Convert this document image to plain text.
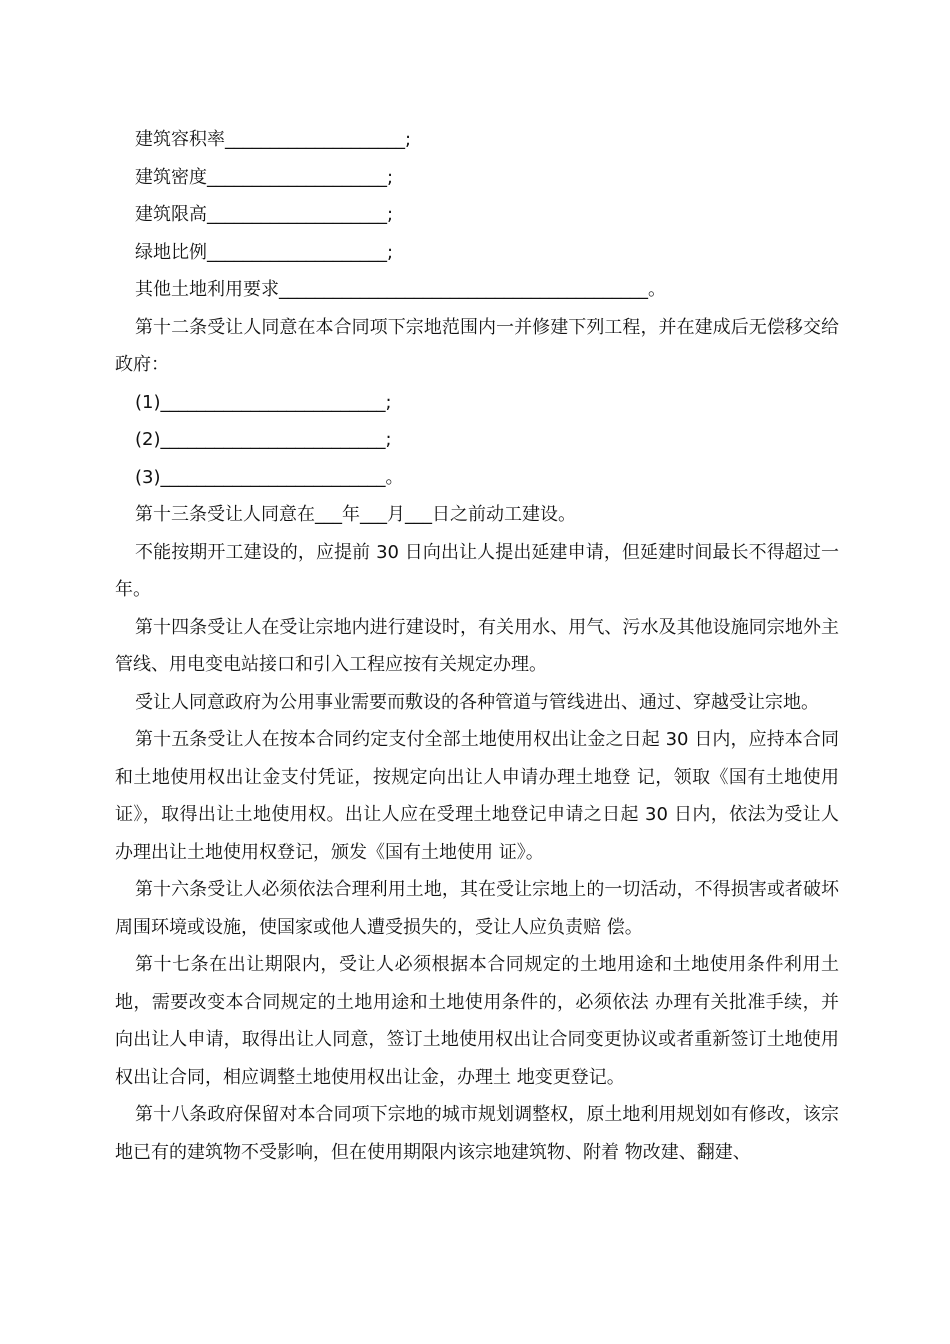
建筑容积率____________________;
建筑密度____________________;
建筑限高____________________;
绿地比例____________________;
其他土地利用要求_________________________________________。
第十二条受让人同意在本合同项下宗地范围内一并修建下列工程，并在建成后无偿移交给政府：
(1)_________________________;
(2)_________________________;
(3)_________________________。
第十三条受让人同意在___年___月___日之前动工建设。
不能按期开工建设的，应提前 30 日向出让人提出延建申请，但延建时间最长不得超过一年。
第十四条受让人在受让宗地内进行建设时，有关用水、用气、污水及其他设施同宗地外主管线、用电变电站接口和引入工程应按有关规定办理。
受让人同意政府为公用事业需要而敷设的各种管道与管线进出、通过、穿越受让宗地。
第十五条受让人在按本合同约定支付全部土地使用权出让金之日起 30 日内，应持本合同和土地使用权出让金支付凭证，按规定向出让人申请办理土地登 记，领取《国有土地使用证》，取得出让土地使用权。出让人应在受理土地登记申请之日起 30 日内，依法为受让人办理出让土地使用权登记，颁发《国有土地使用 证》。
第十六条受让人必须依法合理利用土地，其在受让宗地上的一切活动，不得损害或者破坏周围环境或设施，使国家或他人遭受损失的，受让人应负责赔 偿。
第十七条在出让期限内，受让人必须根据本合同规定的土地用途和土地使用条件利用土地，需要改变本合同规定的土地用途和土地使用条件的，必须依法 办理有关批准手续，并向出让人申请，取得出让人同意，签订土地使用权出让合同变更协议或者重新签订土地使用权出让合同，相应调整土地使用权出让金，办理土 地变更登记。
第十八条政府保留对本合同项下宗地的城市规划调整权，原土地利用规划如有修改，该宗地已有的建筑物不受影响，但在使用期限内该宗地建筑物、附着 物改建、翻建、
